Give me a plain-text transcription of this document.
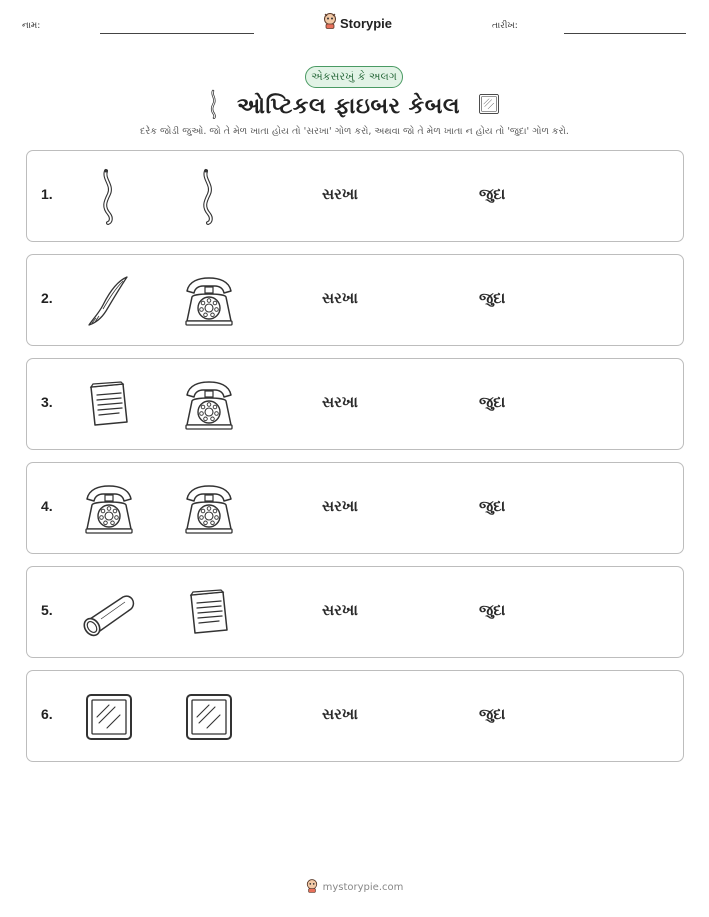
નામ:	Storypie	તારીખ:
એકસરખું કે અલગ
ઓપ્ટિકલ ફાઇબર કેબલ
દરેક જોડી જુઓ. જો તે મેળ ખાતા હોય તો 'સરખા' ગોળ કરો, અથવા જો તે મેળ ખાતા ન હોય તો 'જુદા' ગોળ કરો.
1.	સરખા	જુદા
2.	સરખા	જુદા
3.	સરખા	જુદા
4.	સરખા	જુદા
5.	સરખા	જુદા
6.	સરખા	જુદા
mystorypie.com
